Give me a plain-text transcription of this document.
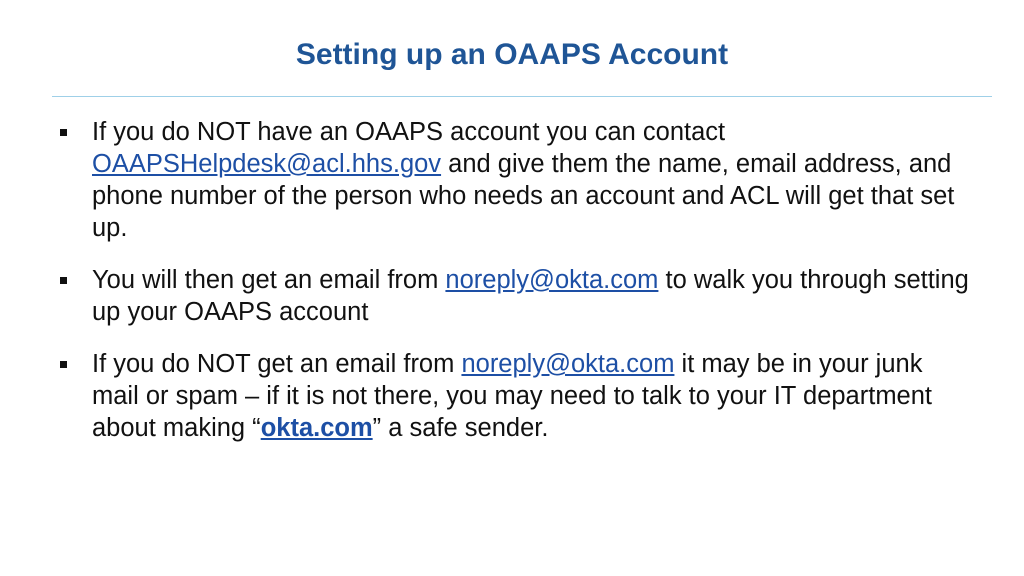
Setting up an OAAPS Account
If you do NOT have an OAAPS account you can contact OAAPSHelpdesk@acl.hhs.gov and give them the name, email address, and phone number of the person who needs an account and ACL will get that set up.
You will then get an email from noreply@okta.com to walk you through setting up your OAAPS account
If you do NOT get an email from noreply@okta.com it may be in your junk mail or spam – if it is not there, you may need to talk to your IT department about making “okta.com” a safe sender.
